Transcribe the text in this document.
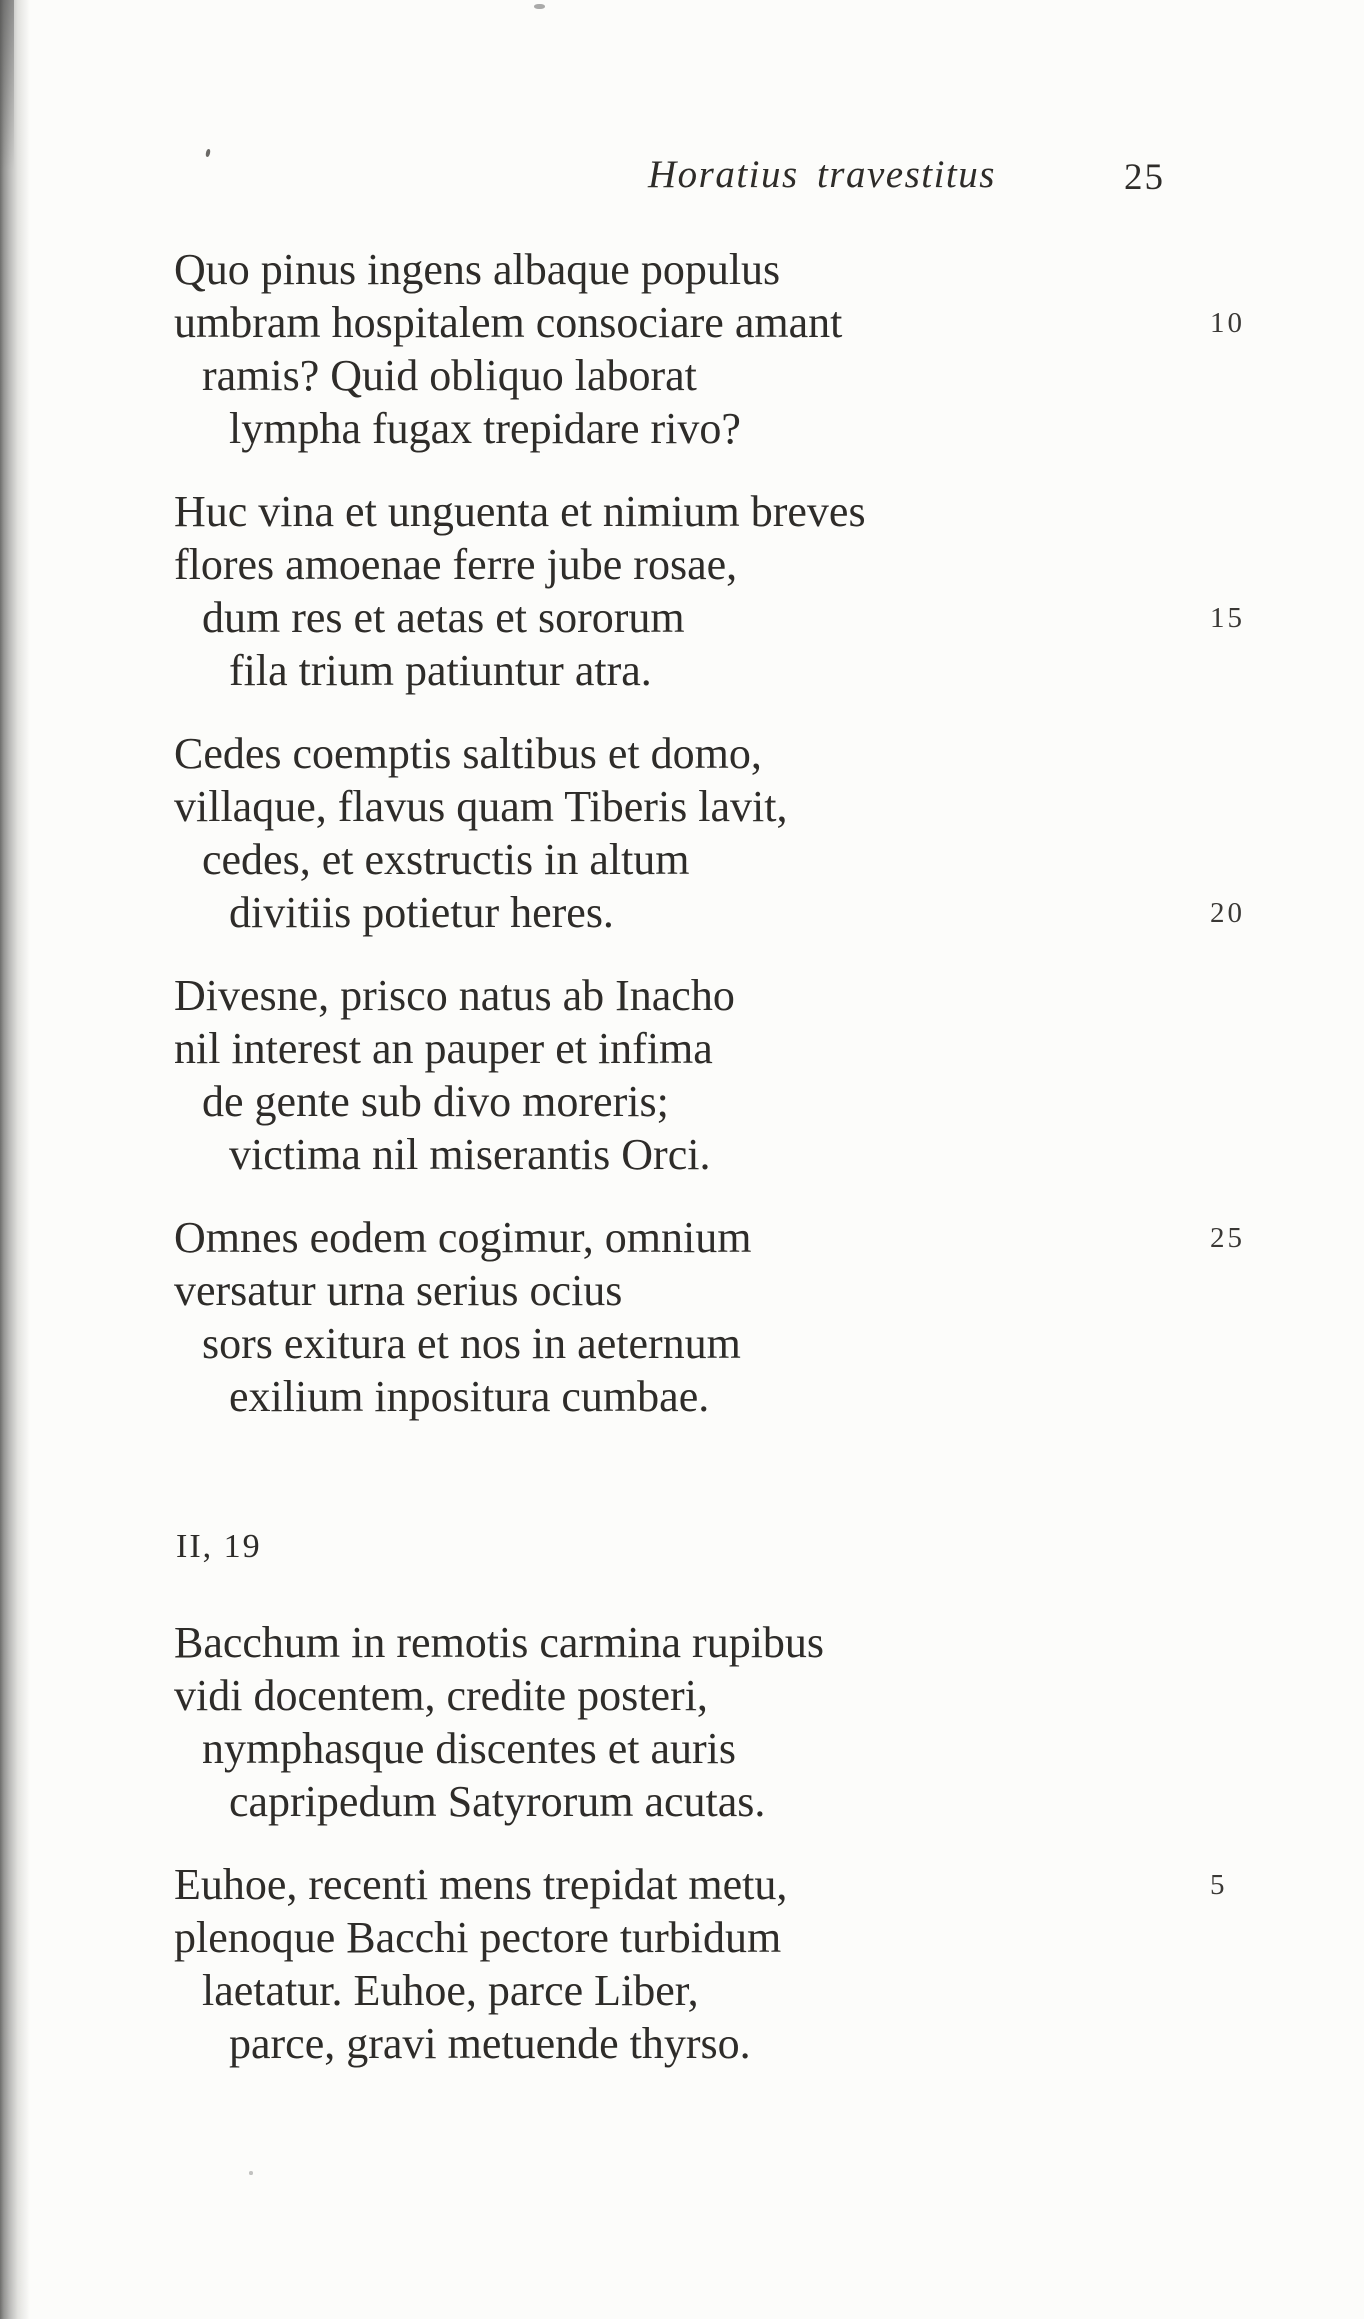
Horatius travestitus	25
Quo pinus ingens albaque populus
umbram hospitalem consociare amant	10
ramis? Quid obliquo laborat
lympha fugax trepidare rivo?
Huc vina et unguenta et nimium breves
flores amoenae ferre jube rosae,
dum res et aetas et sororum	15
fila trium patiuntur atra.
Cedes coemptis saltibus et domo,
villaque, flavus quam Tiberis lavit,
cedes, et exstructis in altum
divitiis potietur heres.	20
Divesne, prisco natus ab Inacho
nil interest an pauper et infima
de gente sub divo moreris;
victima nil miserantis Orci.
Omnes eodem cogimur, omnium	25
versatur urna serius ocius
sors exitura et nos in aeternum
exilium inpositura cumbae.
II, 19
Bacchum in remotis carmina rupibus
vidi docentem, credite posteri,
nymphasque discentes et auris
capripedum Satyrorum acutas.
Euhoe, recenti mens trepidat metu,	5
plenoque Bacchi pectore turbidum
laetatur. Euhoe, parce Liber,
parce, gravi metuende thyrso.
